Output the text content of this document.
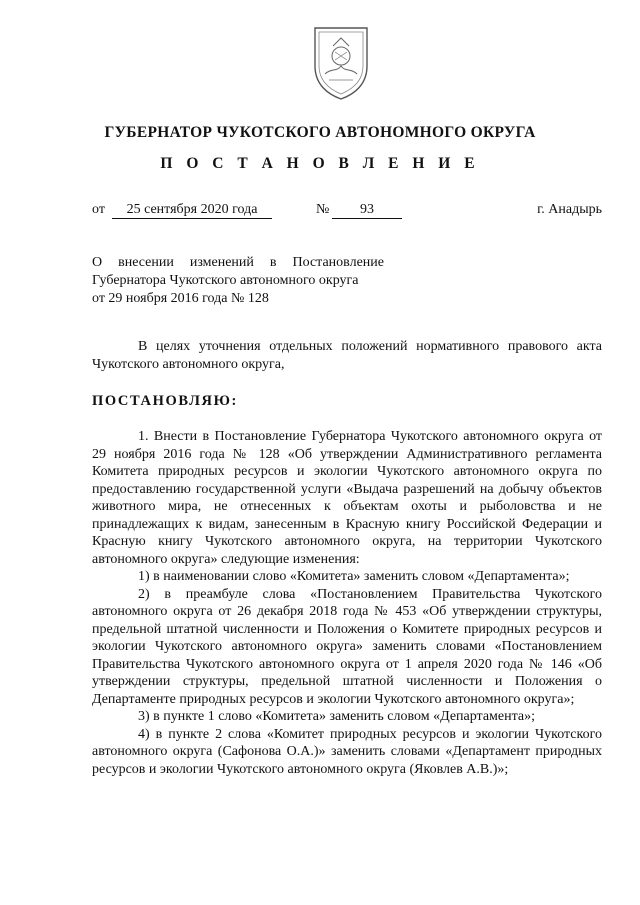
ГУБЕРНАТОР ЧУКОТСКОГО АВТОНОМНОГО ОКРУГА
П О С Т А Н О В Л Е Н И Е
от	25 сентября 2020 года	№	93	г. Анадырь
О внесении изменений в Постановление
Губернатора Чукотского автономного округа
от 29 ноября 2016 года № 128

В целях уточнения отдельных положений нормативного правового акта Чукотского автономного округа,

ПОСТАНОВЛЯЮ:

1. Внести в Постановление Губернатора Чукотского автономного округа от 29 ноября 2016 года № 128 «Об утверждении Административного регламента Комитета природных ресурсов и экологии Чукотского автономного округа по предоставлению государственной услуги «Выдача разрешений на добычу объектов животного мира, не отнесенных к объектам охоты и рыболовства и не принадлежащих к видам, занесенным в Красную книгу Российской Федерации и Красную книгу Чукотского автономного округа, на территории Чукотского автономного округа» следующие изменения:

1) в наименовании слово «Комитета» заменить словом «Департамента»;

2) в преамбуле слова «Постановлением Правительства Чукотского автономного округа от 26 декабря 2018 года № 453 «Об утверждении структуры, предельной штатной численности и Положения о Комитете природных ресурсов и экологии Чукотского автономного округа» заменить словами «Постановлением Правительства Чукотского автономного округа от 1 апреля 2020 года № 146 «Об утверждении структуры, предельной штатной численности и Положения о Департаменте природных ресурсов и экологии Чукотского автономного округа»;

3) в пункте 1 слово «Комитета» заменить словом «Департамента»;

4) в пункте 2 слова «Комитет природных ресурсов и экологии Чукотского автономного округа (Сафонова О.А.)» заменить словами «Департамент природных ресурсов и экологии Чукотского автономного округа (Яковлев А.В.)»;
